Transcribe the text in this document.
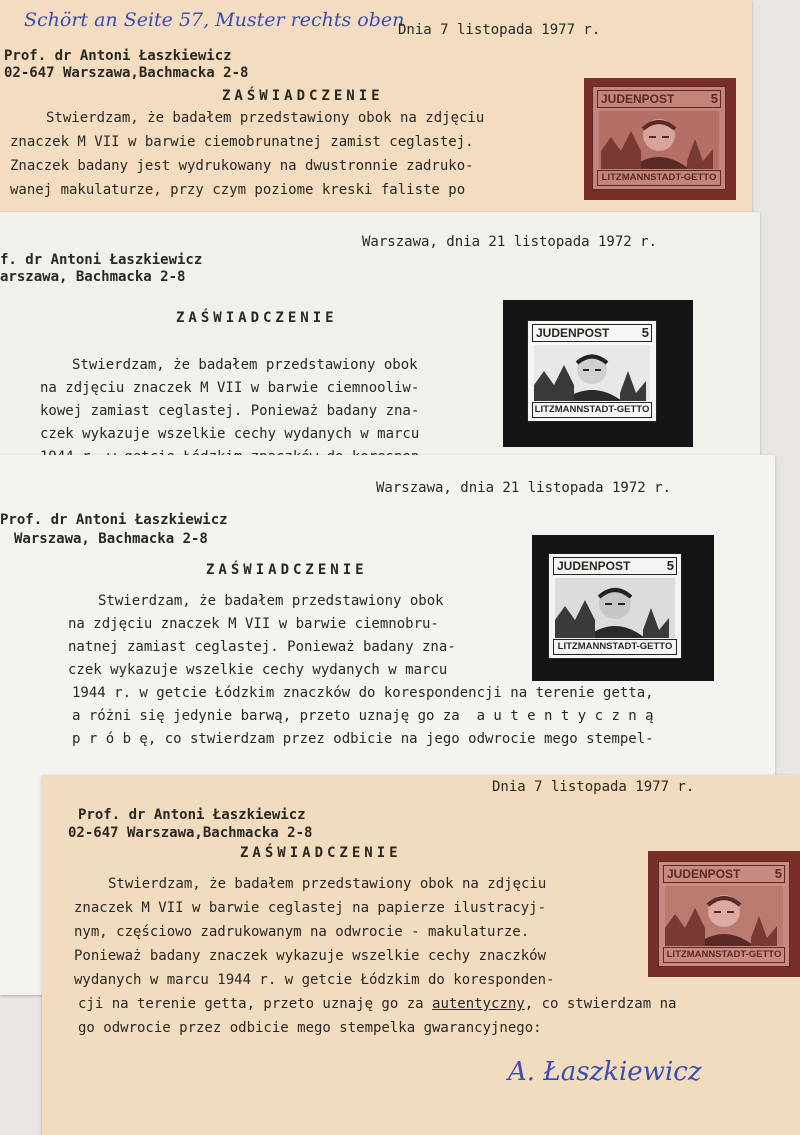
Schört an Seite 57, Muster rechts oben
Dnia 7 listopada 1977 r.
Prof. dr Antoni Łaszkiewicz
02-647 Warszawa,Bachmacka 2-8
ZAŚWIADCZENIE
Stwierdzam, że badałem przedstawiony obok na zdjęciu
znaczek M VII w barwie ciemobrunatnej zamist ceglastej.
Znaczek badany jest wydrukowany na dwustronnie zadruko-
wanej makulaturze, przy czym poziome kreski faliste po
JUDENPOST	5
LITZMANNSTADT-GETTO
Warszawa, dnia 21 listopada 1972 r.
f. dr Antoni Łaszkiewicz
arszawa, Bachmacka 2-8
ZAŚWIADCZENIE
Stwierdzam, że badałem przedstawiony obok
na zdjęciu znaczek M VII w barwie ciemnooliw-
kowej zamiast ceglastej. Ponieważ badany zna-
czek wykazuje wszelkie cechy wydanych w marcu
JUDENPOST	5
LITZMANNSTADT-GETTO
Warszawa, dnia 21 listopada 1972 r.
Prof. dr Antoni Łaszkiewicz
Warszawa, Bachmacka 2-8
ZAŚWIADCZENIE
Stwierdzam, że badałem przedstawiony obok
na zdjęciu znaczek M VII w barwie ciemnobru-
natnej zamiast ceglastej. Ponieważ badany zna-
czek wykazuje wszelkie cechy wydanych w marcu
1944 r. w getcie Łódzkim znaczków do korespondencji na terenie getta,
a różni się jedynie barwą, przeto uznaję go za  a u t e n t y c z n ą
p r ó b ę, co stwierdzam przez odbicie na jego odwrocie mego stempel-
JUDENPOST	5
LITZMANNSTADT-GETTO
Dnia 7 listopada 1977 r.
Prof. dr Antoni Łaszkiewicz
02-647 Warszawa,Bachmacka 2-8
ZAŚWIADCZENIE
Stwierdzam, że badałem przedstawiony obok na zdjęciu
znaczek M VII w barwie ceglastej na papierze ilustracyj-
nym, częściowo zadrukowanym na odwrocie - makulaturze.
Ponieważ badany znaczek wykazuje wszelkie cechy znaczków
wydanych w marcu 1944 r. w getcie Łódzkim do koresponden-
cji na terenie getta, przeto uznaję go za autentyczny, co stwierdzam na
go odwrocie przez odbicie mego stempelka gwarancyjnego:
A. Łaszkiewicz
JUDENPOST	5
LITZMANNSTADT-GETTO
